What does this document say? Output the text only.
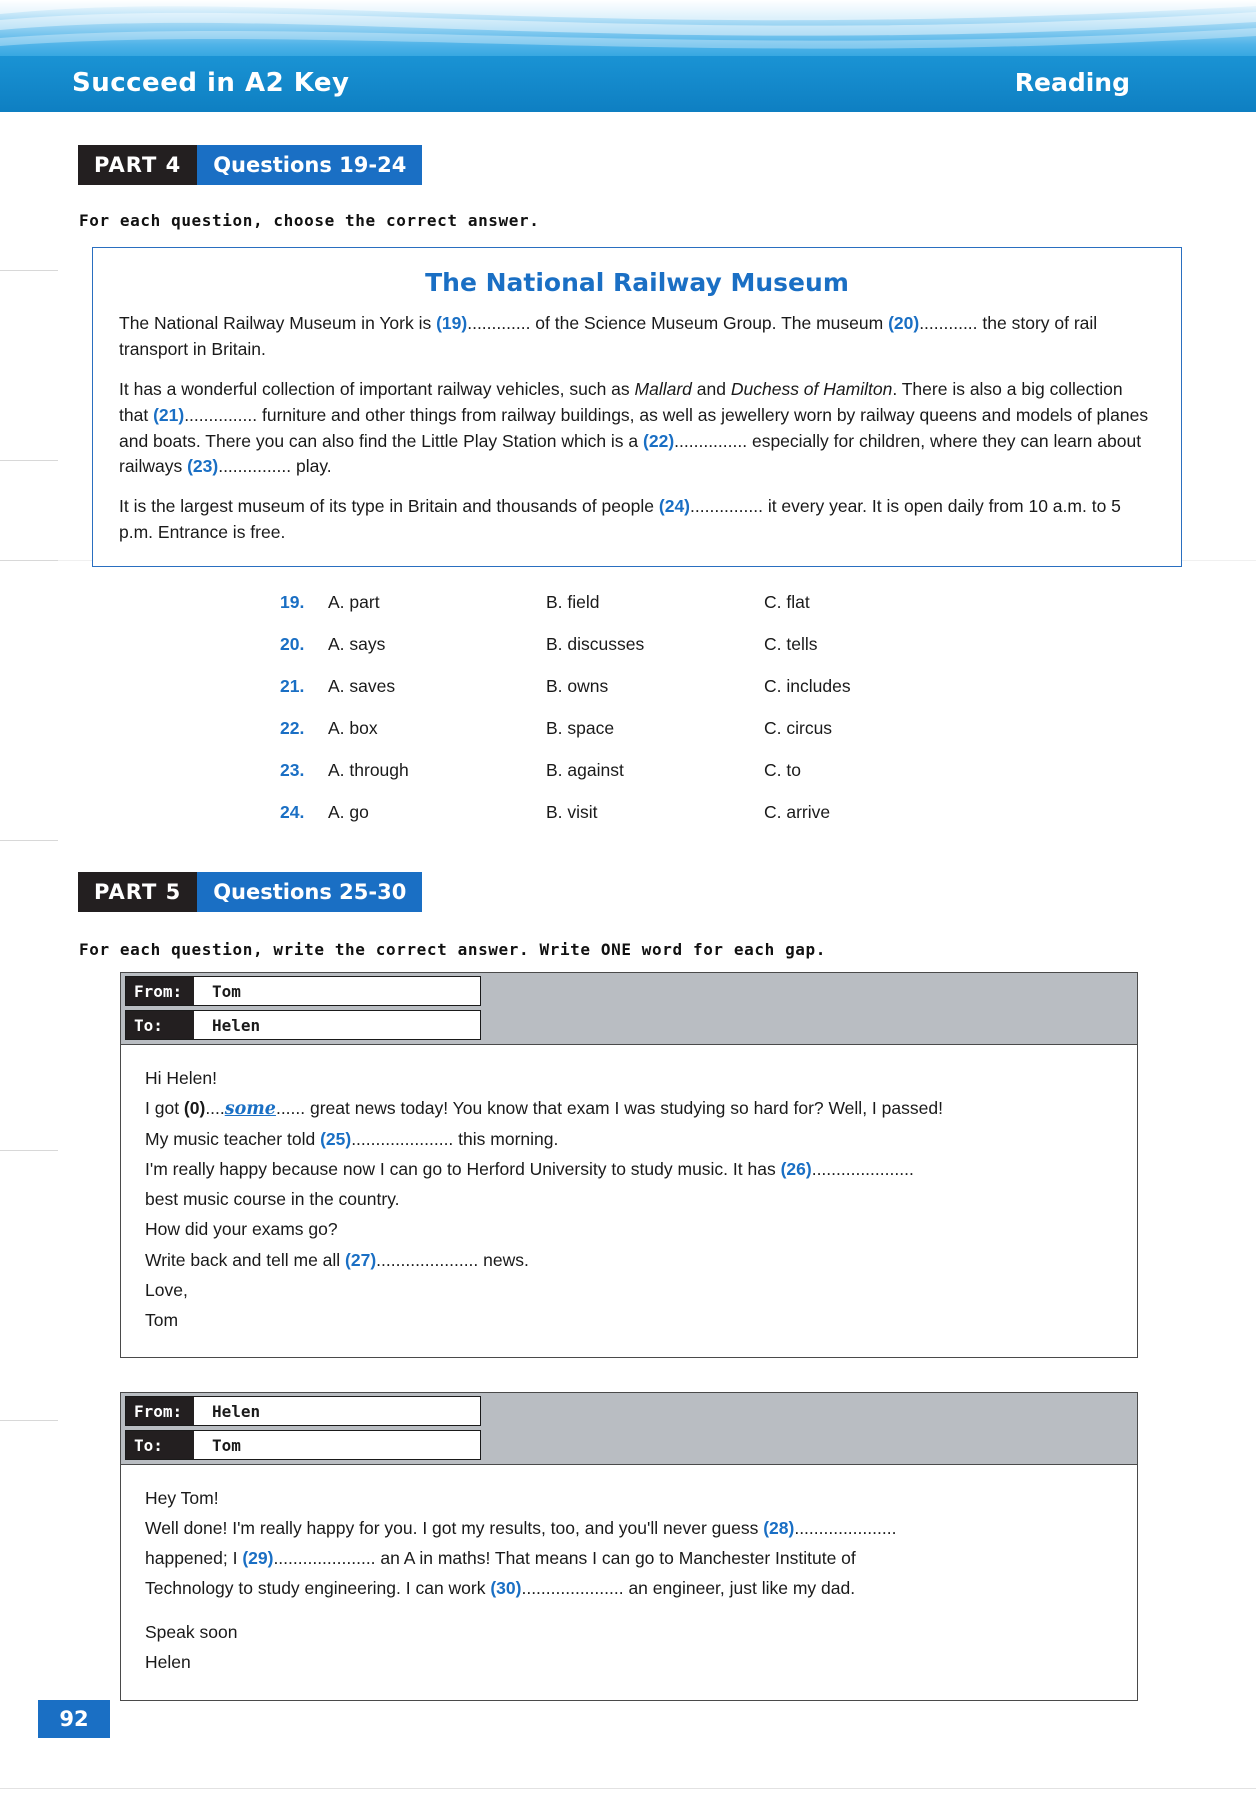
Succeed in A2 Key	Reading
PART 4	Questions 19-24
For each question, choose the correct answer.
The National Railway Museum

The National Railway Museum in York is (19)............. of the Science Museum Group. The museum (20)............ the story of rail transport in Britain.

It has a wonderful collection of important railway vehicles, such as Mallard and Duchess of Hamilton. There is also a big collection that (21)............... furniture and other things from railway buildings, as well as jewellery worn by railway queens and models of planes and boats. There you can also find the Little Play Station which is a (22)............... especially for children, where they can learn about railways (23)............... play.

It is the largest museum of its type in Britain and thousands of people (24)............... it every year. It is open daily from 10 a.m. to 5 p.m. Entrance is free.

19.	A. part	B. field	C. flat
20.	A. says	B. discusses	C. tells
21.	A. saves	B. owns	C. includes
22.	A. box	B. space	C. circus
23.	A. through	B. against	C. to
24.	A. go	B. visit	C. arrive
PART 5	Questions 25-30
For each question, write the correct answer. Write ONE word for each gap.
From:	Tom
To:	Helen
Hi Helen!
I got (0)....some...... great news today! You know that exam I was studying so hard for? Well, I passed!
My music teacher told (25)..................... this morning.
I'm really happy because now I can go to Herford University to study music. It has (26).....................
best music course in the country.
How did your exams go?
Write back and tell me all (27)..................... news.
Love,
Tom
From:	Helen
To:	Tom
Hey Tom!
Well done! I'm really happy for you. I got my results, too, and you'll never guess (28).....................
happened; I (29)..................... an A in maths! That means I can go to Manchester Institute of
Technology to study engineering. I can work (30)..................... an engineer, just like my dad.
Speak soon
Helen
92
